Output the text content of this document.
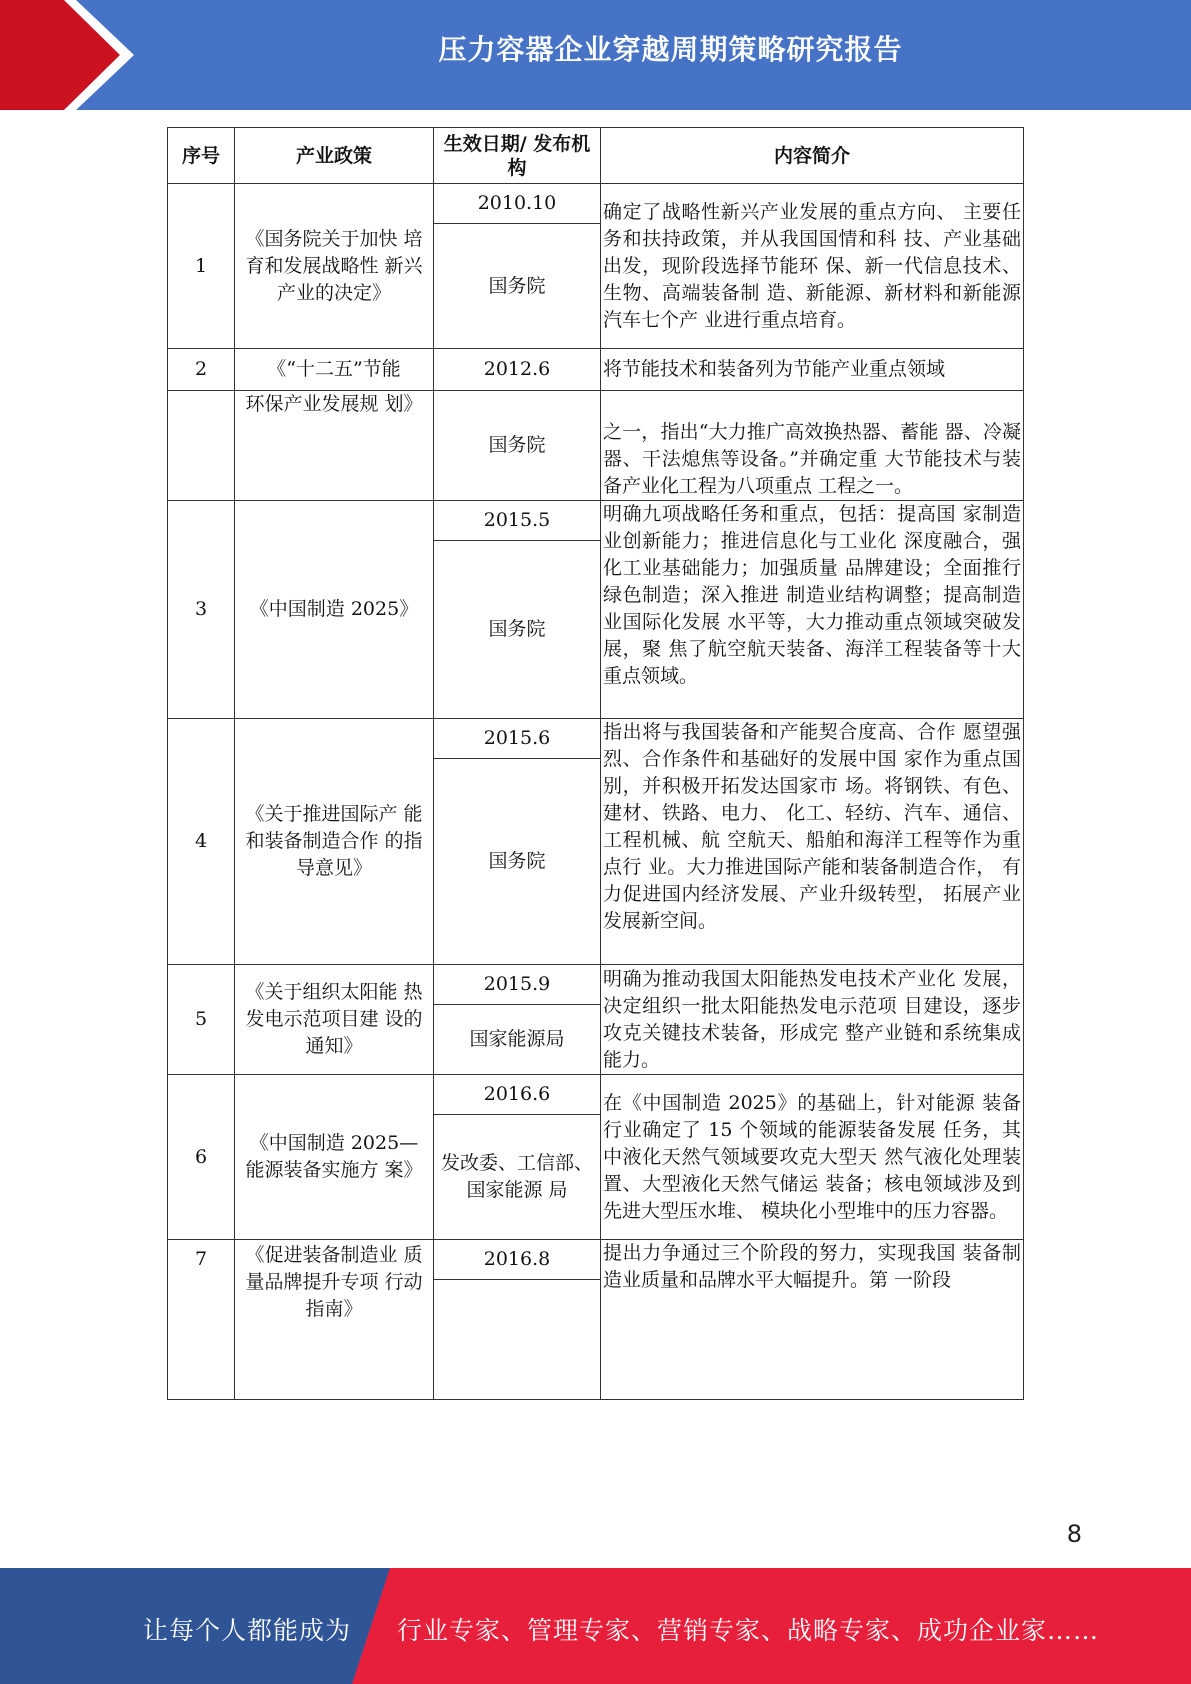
压力容器企业穿越周期策略研究报告
序号	产业政策	生效日期/ 发布机构	内容简介
1	《国务院关于加快 培育和发展战略性 新兴产业的决定》	2010.10	确定了战略性新兴产业发展的重点方向、 主要任务和扶持政策，并从我国国情和科 技、产业基础出发，现阶段选择节能环 保、新一代信息技术、生物、高端装备制 造、新能源、新材料和新能源汽车七个产 业进行重点培育。
		国务院	
2	《“十二五”节能	2012.6	将节能技术和装备列为节能产业重点领域
	环保产业发展规 划》	国务院	之一，指出“大力推广高效换热器、蓄能 器、冷凝器、干法熄焦等设备。”并确定重 大节能技术与装备产业化工程为八项重点 工程之一。
3	《中国制造 2025》	2015.5	明确九项战略任务和重点，包括：提高国 家制造业创新能力；推进信息化与工业化 深度融合，强化工业基础能力；加强质量 品牌建设；全面推行绿色制造；深入推进 制造业结构调整；提高制造业国际化发展 水平等，大力推动重点领域突破发展，聚 焦了航空航天装备、海洋工程装备等十大 重点领域。
		国务院	
4	《关于推进国际产 能和装备制造合作 的指导意见》	2015.6	指出将与我国装备和产能契合度高、合作 愿望强烈、合作条件和基础好的发展中国 家作为重点国别，并积极开拓发达国家市 场。将钢铁、有色、建材、铁路、电力、 化工、轻纺、汽车、通信、工程机械、航 空航天、船舶和海洋工程等作为重点行 业。大力推进国际产能和装备制造合作， 有力促进国内经济发展、产业升级转型， 拓展产业发展新空间。
		国务院	
5	《关于组织太阳能 热发电示范项目建 设的通知》	2015.9	明确为推动我国太阳能热发电技术产业化 发展，决定组织一批太阳能热发电示范项 目建设，逐步攻克关键技术装备，形成完 整产业链和系统集成能力。
		国家能源局	
6	《中国制造 2025— 能源装备实施方 案》	2016.6	在《中国制造 2025》的基础上，针对能源 装备行业确定了 15 个领域的能源装备发展 任务，其中液化天然气领域要攻克大型天 然气液化处理装置、大型液化天然气储运 装备；核电领域涉及到先进大型压水堆、 模块化小型堆中的压力容器。
		发改委、工信部、国家能源 局	
7	《促进装备制造业 质量品牌提升专项 行动指南》	2016.8	提出力争通过三个阶段的努力，实现我国 装备制造业质量和品牌水平大幅提升。第 一阶段

8
让每个人都能成为 行业专家、管理专家、营销专家、战略专家、成功企业家……
